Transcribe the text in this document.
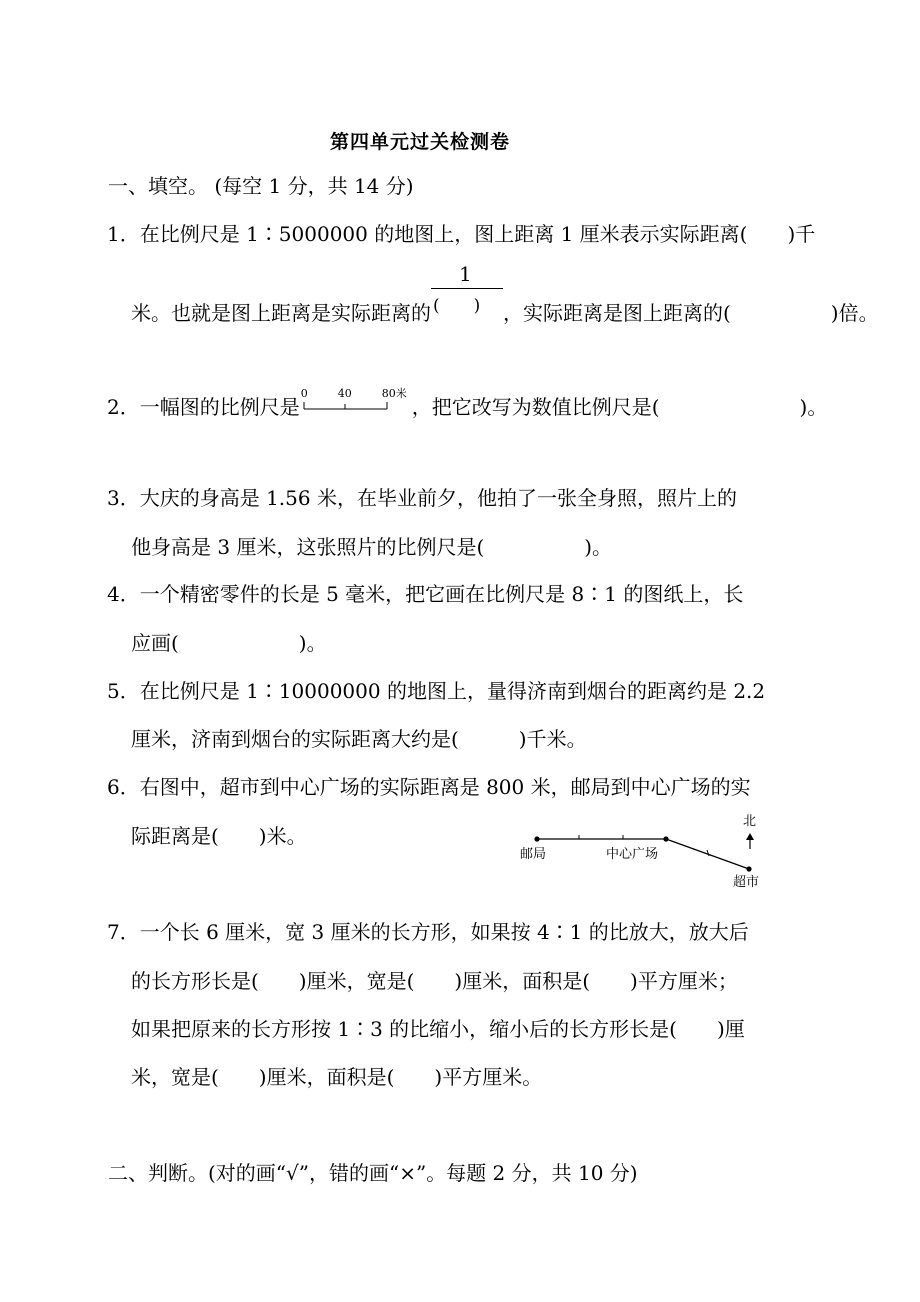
第四单元过关检测卷
一、填空。 (每空 1 分，共 14 分)
1．在比例尺是 1∶5000000 的地图上，图上距离 1 厘米表示实际距离(　　)千
米。也就是图上距离是实际距离的
1
(　　) ，实际距离是图上距离的(　　　　　)倍。
2．一幅图的比例尺是
0	40	80米
，把它改写为数值比例尺是(　　　　　　　)。
3．大庆的身高是 1.56 米，在毕业前夕，他拍了一张全身照，照片上的
他身高是 3 厘米，这张照片的比例尺是(　　　　　)。
4．一个精密零件的长是 5 毫米，把它画在比例尺是 8∶1 的图纸上，长
应画(　　　　　　)。
5．在比例尺是 1∶10000000 的地图上，量得济南到烟台的距离约是 2.2
厘米，济南到烟台的实际距离大约是(　　　)千米。
6．右图中，超市到中心广场的实际距离是 800 米，邮局到中心广场的实
际距离是(　　)米。
邮局	中心广场
超市
北
7．一个长 6 厘米，宽 3 厘米的长方形，如果按 4∶1 的比放大，放大后
的长方形长是(　　)厘米，宽是(　　)厘米，面积是(　　)平方厘米；
如果把原来的长方形按 1∶3 的比缩小，缩小后的长方形长是(　　)厘
米，宽是(　　)厘米，面积是(　　)平方厘米。
二、判断。(对的画“√”，错的画“×”。每题 2 分，共 10 分)
